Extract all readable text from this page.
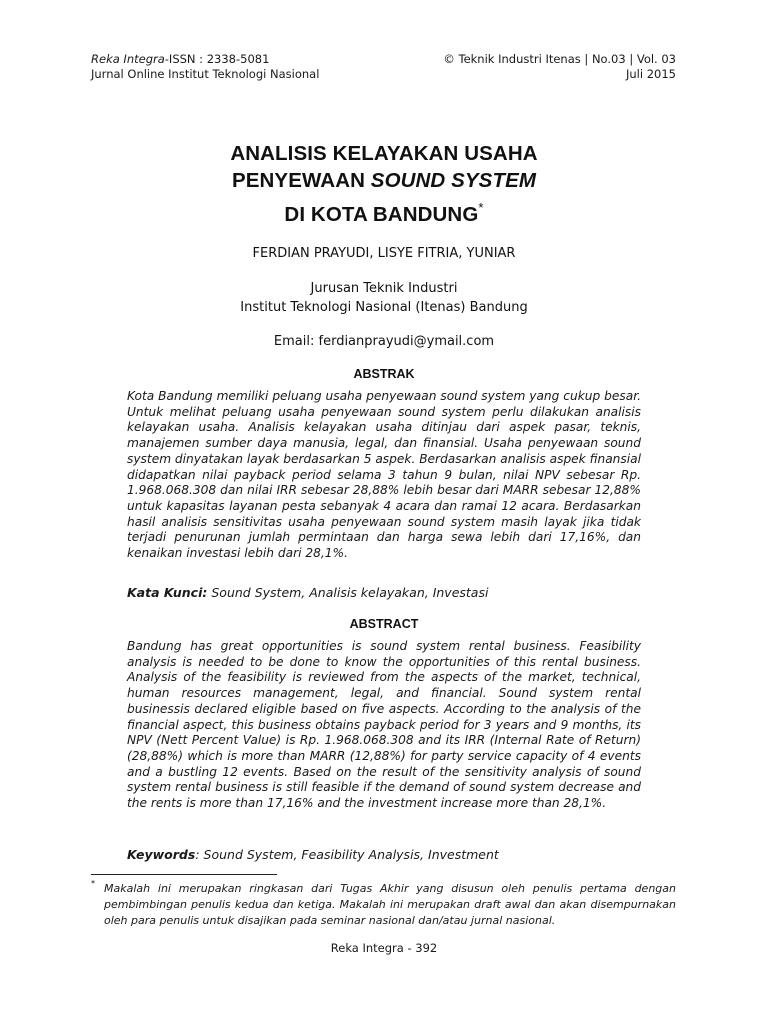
Reka Integra-ISSN : 2338-5081
Jurnal Online Institut Teknologi Nasional
© Teknik Industri Itenas | No.03 | Vol. 03
Juli 2015
ANALISIS KELAYAKAN USAHA
PENYEWAAN SOUND SYSTEM
DI KOTA BANDUNG*
FERDIAN PRAYUDI, LISYE FITRIA, YUNIAR
Jurusan Teknik Industri
Institut Teknologi Nasional (Itenas) Bandung
Email: ferdianprayudi@ymail.com
ABSTRAK
Kota Bandung memiliki peluang usaha penyewaan sound system yang cukup besar. Untuk melihat peluang usaha penyewaan sound system perlu dilakukan analisis kelayakan usaha. Analisis kelayakan usaha ditinjau dari aspek pasar, teknis, manajemen sumber daya manusia, legal, dan finansial. Usaha penyewaan sound system dinyatakan layak berdasarkan 5 aspek. Berdasarkan analisis aspek finansial didapatkan nilai payback period selama 3 tahun 9 bulan, nilai NPV sebesar Rp. 1.968.068.308 dan nilai IRR sebesar 28,88% lebih besar dari MARR sebesar 12,88% untuk kapasitas layanan pesta sebanyak 4 acara dan ramai 12 acara. Berdasarkan hasil analisis sensitivitas usaha penyewaan sound system masih layak jika tidak terjadi penurunan jumlah permintaan dan harga sewa lebih dari 17,16%, dan kenaikan investasi lebih dari 28,1%.
Kata Kunci: Sound System, Analisis kelayakan, Investasi
ABSTRACT
Bandung has great opportunities is sound system rental business. Feasibility analysis is needed to be done to know the opportunities of this rental business. Analysis of the feasibility is reviewed from the aspects of the market, technical, human resources management, legal, and financial. Sound system rental businessis declared eligible based on five aspects. According to the analysis of the financial aspect, this business obtains payback period for 3 years and 9 months, its NPV (Nett Percent Value) is Rp. 1.968.068.308 and its IRR (Internal Rate of Return) (28,88%) which is more than MARR (12,88%) for party service capacity of 4 events and a bustling 12 events. Based on the result of the sensitivity analysis of sound system rental business is still feasible if the demand of sound system decrease and the rents is more than 17,16% and the investment increase more than 28,1%.
Keywords: Sound System, Feasibility Analysis, Investment
* Makalah ini merupakan ringkasan dari Tugas Akhir yang disusun oleh penulis pertama dengan pembimbingan penulis kedua dan ketiga. Makalah ini merupakan draft awal dan akan disempurnakan oleh para penulis untuk disajikan pada seminar nasional dan/atau jurnal nasional.
Reka Integra - 392
